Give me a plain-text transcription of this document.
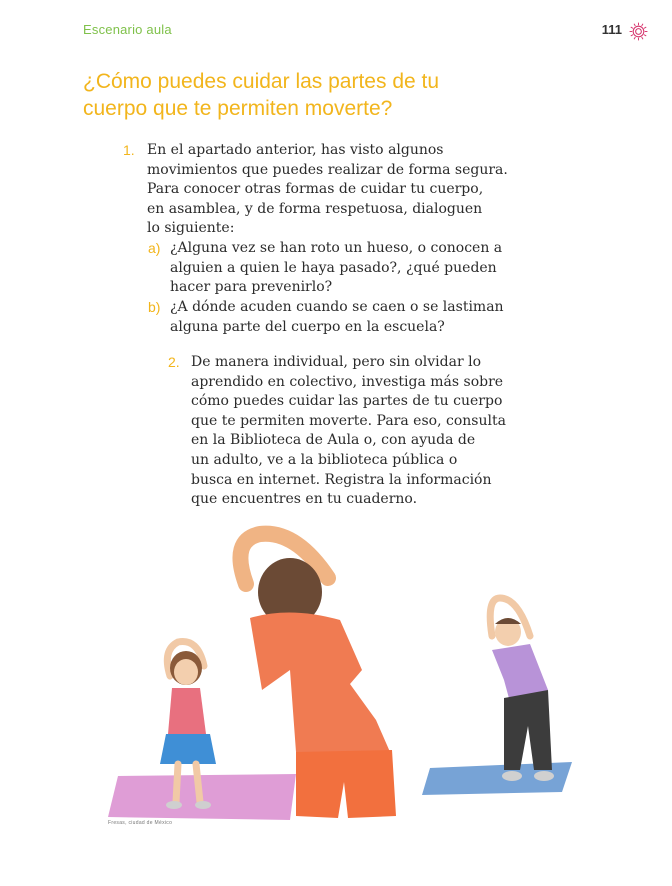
Escenario aula	111
¿Cómo puedes cuidar las partes de tu cuerpo que te permiten moverte?
1. En el apartado anterior, has visto algunos
movimientos que puedes realizar de forma segura.
Para conocer otras formas de cuidar tu cuerpo,
en asamblea, y de forma respetuosa, dialoguen
lo siguiente:
a) ¿Alguna vez se han roto un hueso, o conocen a
alguien a quien le haya pasado?, ¿qué pueden
hacer para prevenirlo?
b) ¿A dónde acuden cuando se caen o se lastiman
alguna parte del cuerpo en la escuela?
2. De manera individual, pero sin olvidar lo
aprendido en colectivo, investiga más sobre
cómo puedes cuidar las partes de tu cuerpo
que te permiten moverte. Para eso, consulta
en la Biblioteca de Aula o, con ayuda de
un adulto, ve a la biblioteca pública o
busca en internet. Registra la información
que encuentres en tu cuaderno.
Fresas, ciudad de México
